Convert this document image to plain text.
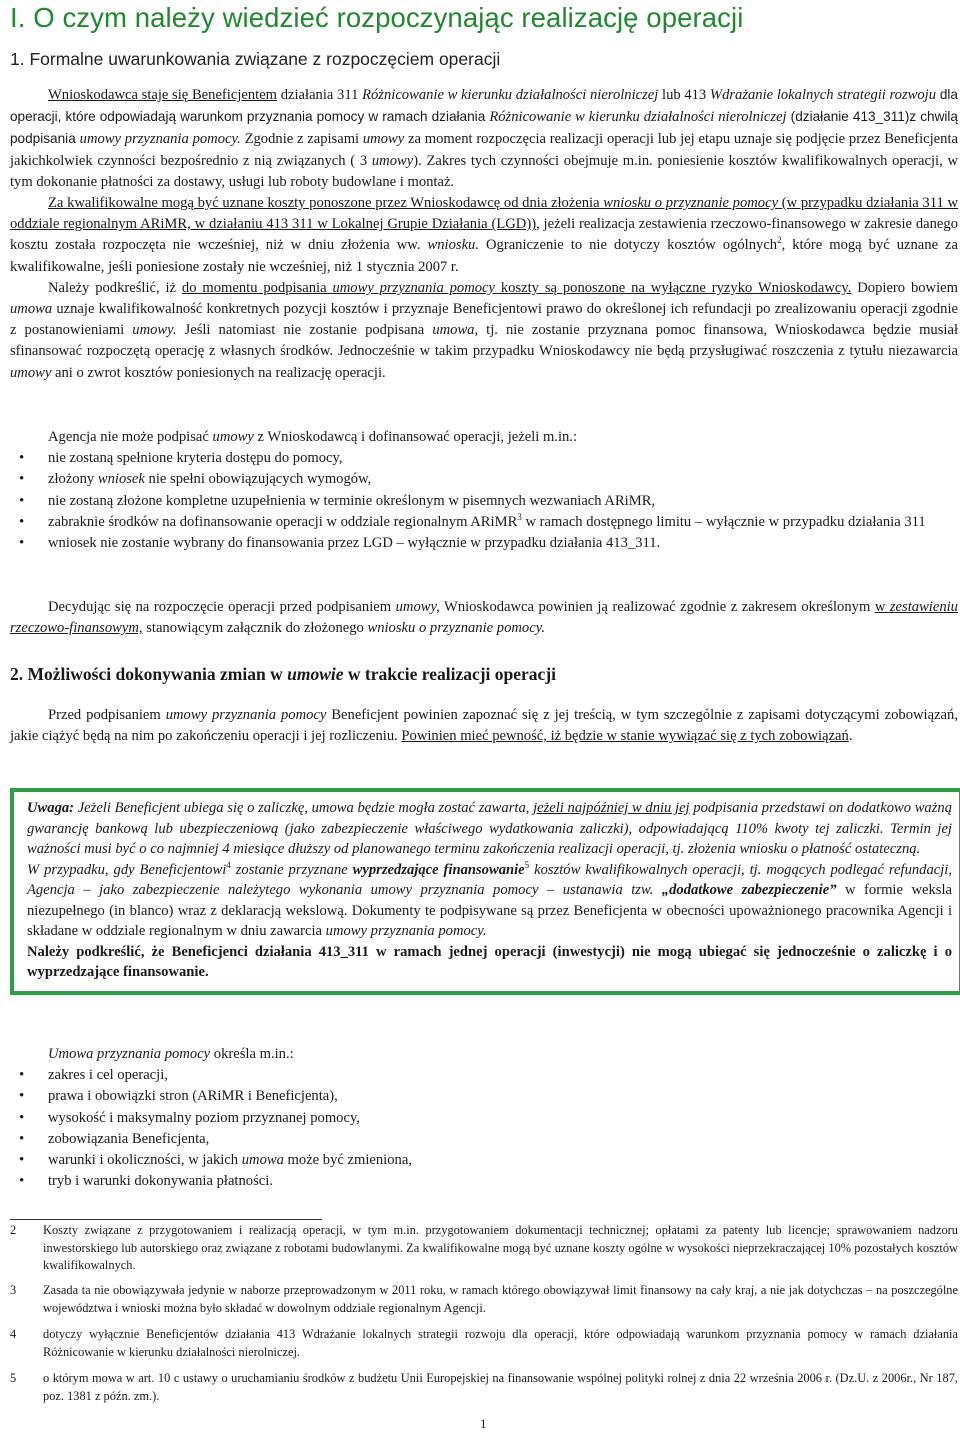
I. O czym należy wiedzieć rozpoczynając realizację operacji
1. Formalne uwarunkowania związane z rozpoczęciem operacji

Wnioskodawca staje się Beneficjentem działania 311 Różnicowanie w kierunku działalności nierolniczej lub 413 Wdrażanie lokalnych strategii rozwoju dla operacji, które odpowiadają warunkom przyznania pomocy w ramach działania Różnicowanie w kierunku działalności nierolniczej (działanie 413_311)z chwilą podpisania umowy przyznania pomocy. Zgodnie z zapisami umowy za moment rozpoczęcia realizacji operacji lub jej etapu uznaje się podjęcie przez Beneficjenta jakichkolwiek czynności bezpośrednio z nią związanych ( 3 umowy). Zakres tych czynności obejmuje m.in. poniesienie kosztów kwalifikowalnych operacji, w tym dokonanie płatności za dostawy, usługi lub roboty budowlane i montaż.

Za kwalifikowalne mogą być uznane koszty ponoszone przez Wnioskodawcę od dnia złożenia wniosku o przyznanie pomocy (w przypadku działania 311 w oddziale regionalnym ARiMR, w działaniu 413 311 w Lokalnej Grupie Działania (LGD)), jeżeli realizacja zestawienia rzeczowo-finansowego w zakresie danego kosztu została rozpoczęta nie wcześniej, niż w dniu złożenia ww. wniosku. Ograniczenie to nie dotyczy kosztów ogólnych$^2$, które mogą być uznane za kwalifikowalne, jeśli poniesione zostały nie wcześniej, niż 1 stycznia 2007 r.

Należy podkreślić, iż do momentu podpisania umowy przyznania pomocy koszty są ponoszone na wyłączne ryzyko Wnioskodawcy. Dopiero bowiem umowa uznaje kwalifikowalność konkretnych pozycji kosztów i przyznaje Beneficjentowi prawo do określonej ich refundacji po zrealizowaniu operacji zgodnie z postanowieniami umowy. Jeśli natomiast nie zostanie podpisana umowa, tj. nie zostanie przyznana pomoc finansowa, Wnioskodawca będzie musiał sfinansować rozpoczętą operację z własnych środków. Jednocześnie w takim przypadku Wnioskodawcy nie będą przysługiwać roszczenia z tytułu niezawarcia umowy ani o zwrot kosztów poniesionych na realizację operacji.

Agencja nie może podpisać umowy z Wnioskodawcą i dofinansować operacji, jeżeli m.in.:

• nie zostaną spełnione kryteria dostępu do pomocy,
• złożony wniosek nie spełni obowiązujących wymogów,
• nie zostaną złożone kompletne uzupełnienia w terminie określonym w pisemnych wezwaniach ARiMR,
• zabraknie środków na dofinansowanie operacji w oddziale regionalnym ARiMR$^3$ w ramach dostępnego limitu – wyłącznie w przypadku działania 311
• wniosek nie zostanie wybrany do finansowania przez LGD – wyłącznie w przypadku działania 413_311.

Decydując się na rozpoczęcie operacji przed podpisaniem umowy, Wnioskodawca powinien ją realizować zgodnie z zakresem określonym w zestawieniu rzeczowo-finansowym, stanowiącym załącznik do złożonego wniosku o przyznanie pomocy.

2. Możliwości dokonywania zmian w umowie w trakcie realizacji operacji

Przed podpisaniem umowy przyznania pomocy Beneficjent powinien zapoznać się z jej treścią, w tym szczególnie z zapisami dotyczącymi zobowiązań, jakie ciążyć będą na nim po zakończeniu operacji i jej rozliczeniu. Powinien mieć pewność, iż będzie w stanie wywiązać się z tych zobowiązań.

Uwaga: Jeżeli Beneficjent ubiega się o zaliczkę, umowa będzie mogła zostać zawarta, jeżeli najpóźniej w dniu jej podpisania przedstawi on dodatkowo ważną gwarancję bankową lub ubezpieczeniową (jako zabezpieczenie właściwego wydatkowania zaliczki), odpowiadającą 110% kwoty tej zaliczki. Termin jej ważności musi być o co najmniej 4 miesiące dłuższy od planowanego terminu zakończenia realizacji operacji, tj. złożenia wniosku o płatność ostateczną.

W przypadku, gdy Beneficjentowi$^4$ zostanie przyznane wyprzedzające finansowanie$^5$ kosztów kwalifikowalnych operacji, tj. mogących podlegać refundacji, Agencja – jako zabezpieczenie należytego wykonania umowy przyznania pomocy – ustanawia tzw. „dodatkowe zabezpieczenie” w formie weksla niezupełnego (in blanco) wraz z deklaracją wekslową. Dokumenty te podpisywane są przez Beneficjenta w obecności upoważnionego pracownika Agencji i składane w oddziale regionalnym w dniu zawarcia umowy przyznania pomocy.

Należy podkreślić, że Beneficjenci działania 413_311 w ramach jednej operacji (inwestycji) nie mogą ubiegać się jednocześnie o zaliczkę i o wyprzedzające finansowanie.

Umowa przyznania pomocy określa m.in.:

• zakres i cel operacji,
• prawa i obowiązki stron (ARiMR i Beneficjenta),
• wysokość i maksymalny poziom przyznanej pomocy,
• zobowiązania Beneficjenta,
• warunki i okoliczności, w jakich umowa może być zmieniona,
• tryb i warunki dokonywania płatności.
2 Koszty związane z przygotowaniem i realizacją operacji, w tym m.in. przygotowaniem dokumentacji technicznej; opłatami za patenty lub licencje; sprawowaniem nadzoru inwestorskiego lub autorskiego oraz związane z robotami budowlanymi. Za kwalifikowalne mogą być uznane koszty ogólne w wysokości nieprzekraczającej 10% pozostałych kosztów kwalifikowalnych.
3 Zasada ta nie obowiązywała jedynie w naborze przeprowadzonym w 2011 roku, w ramach którego obowiązywał limit finansowy na cały kraj, a nie jak dotychczas – na poszczególne województwa i wnioski można było składać w dowolnym oddziale regionalnym Agencji.
4 dotyczy wyłącznie Beneficjentów działania 413 Wdrażanie lokalnych strategii rozwoju dla operacji, które odpowiadają warunkom przyznania pomocy w ramach działaniа Różnicowanie w kierunku działalności nierolniczej.
5 o którym mowa w art. 10 c ustawy o uruchamianiu środków z budżetu Unii Europejskiej na finansowanie wspólnej polityki rolnej z dnia 22 września 2006 r. (Dz.U. z 2006r., Nr 187, poz. 1381 z późn. zm.).
1
